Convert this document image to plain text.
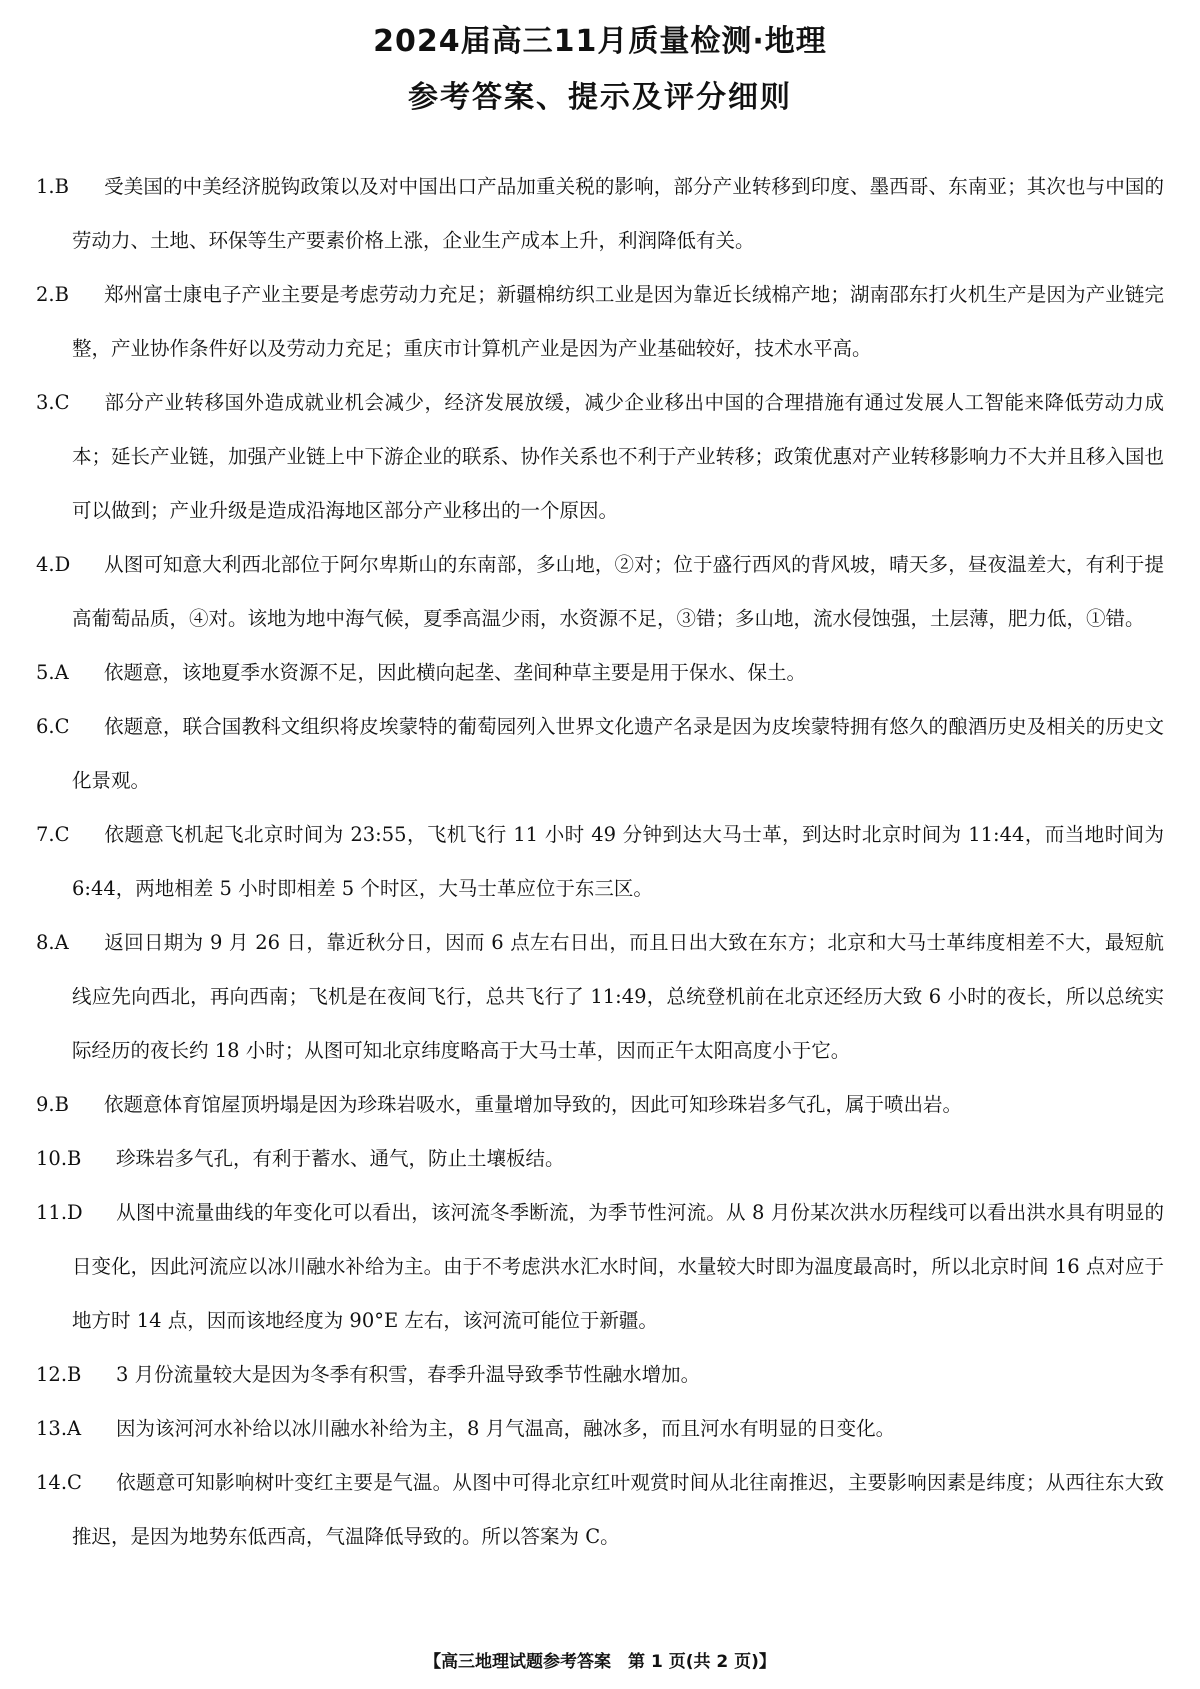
2024届高三11月质量检测·地理
参考答案、提示及评分细则

1.B 受美国的中美经济脱钩政策以及对中国出口产品加重关税的影响，部分产业转移到印度、墨西哥、东南亚；其次也与中国的劳动力、土地、环保等生产要素价格上涨，企业生产成本上升，利润降低有关。

2.B 郑州富士康电子产业主要是考虑劳动力充足；新疆棉纺织工业是因为靠近长绒棉产地；湖南邵东打火机生产是因为产业链完整，产业协作条件好以及劳动力充足；重庆市计算机产业是因为产业基础较好，技术水平高。

3.C 部分产业转移国外造成就业机会减少，经济发展放缓，减少企业移出中国的合理措施有通过发展人工智能来降低劳动力成本；延长产业链，加强产业链上中下游企业的联系、协作关系也不利于产业转移；政策优惠对产业转移影响力不大并且移入国也可以做到；产业升级是造成沿海地区部分产业移出的一个原因。

4.D 从图可知意大利西北部位于阿尔卑斯山的东南部，多山地，②对；位于盛行西风的背风坡，晴天多，昼夜温差大，有利于提高葡萄品质，④对。该地为地中海气候，夏季高温少雨，水资源不足，③错；多山地，流水侵蚀强，土层薄，肥力低，①错。

5.A 依题意，该地夏季水资源不足，因此横向起垄、垄间种草主要是用于保水、保土。

6.C 依题意，联合国教科文组织将皮埃蒙特的葡萄园列入世界文化遗产名录是因为皮埃蒙特拥有悠久的酿酒历史及相关的历史文化景观。

7.C 依题意飞机起飞北京时间为 23:55，飞机飞行 11 小时 49 分钟到达大马士革，到达时北京时间为 11:44，而当地时间为 6:44，两地相差 5 小时即相差 5 个时区，大马士革应位于东三区。

8.A 返回日期为 9 月 26 日，靠近秋分日，因而 6 点左右日出，而且日出大致在东方；北京和大马士革纬度相差不大，最短航线应先向西北，再向西南；飞机是在夜间飞行，总共飞行了 11:49，总统登机前在北京还经历大致 6 小时的夜长，所以总统实际经历的夜长约 18 小时；从图可知北京纬度略高于大马士革，因而正午太阳高度小于它。

9.B 依题意体育馆屋顶坍塌是因为珍珠岩吸水，重量增加导致的，因此可知珍珠岩多气孔，属于喷出岩。

10.B 珍珠岩多气孔，有利于蓄水、通气，防止土壤板结。

11.D 从图中流量曲线的年变化可以看出，该河流冬季断流，为季节性河流。从 8 月份某次洪水历程线可以看出洪水具有明显的日变化，因此河流应以冰川融水补给为主。由于不考虑洪水汇水时间，水量较大时即为温度最高时，所以北京时间 16 点对应于地方时 14 点，因而该地经度为 90°E 左右，该河流可能位于新疆。

12.B 3 月份流量较大是因为冬季有积雪，春季升温导致季节性融水增加。

13.A 因为该河河水补给以冰川融水补给为主，8 月气温高，融冰多，而且河水有明显的日变化。

14.C 依题意可知影响树叶变红主要是气温。从图中可得北京红叶观赏时间从北往南推迟，主要影响因素是纬度；从西往东大致推迟，是因为地势东低西高，气温降低导致的。所以答案为 C。

【高三地理试题参考答案　第 1 页(共 2 页)】
